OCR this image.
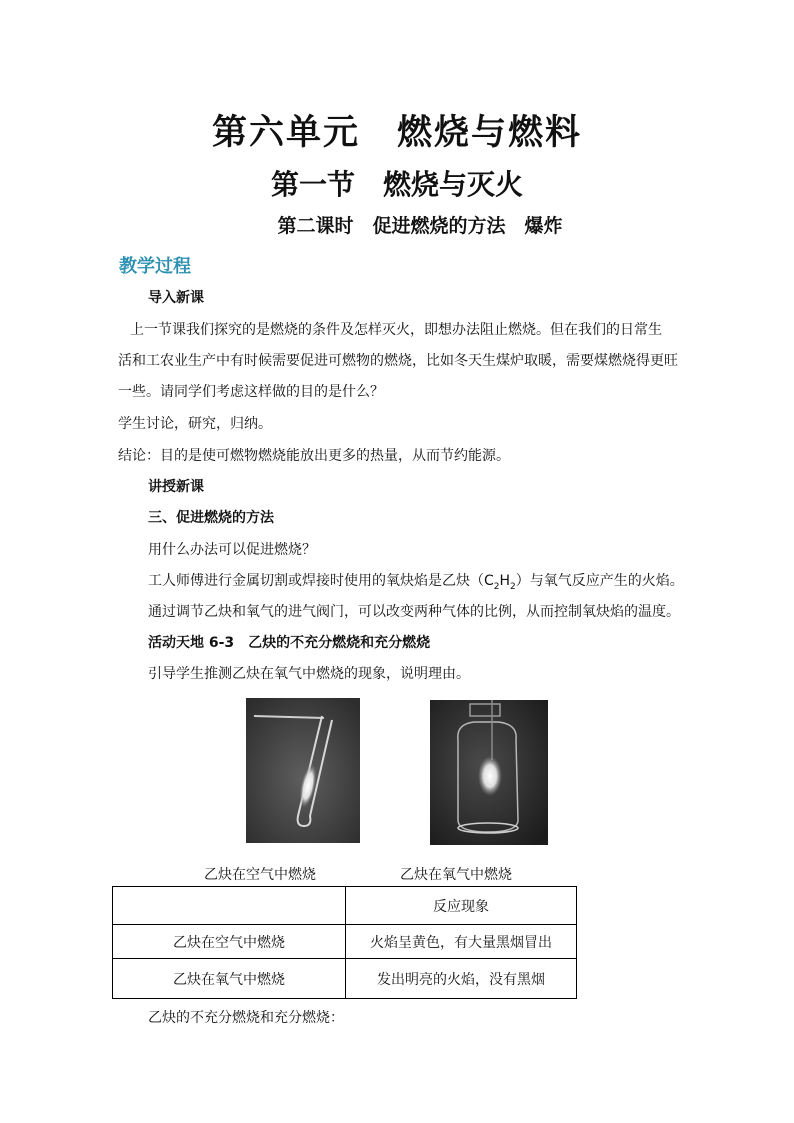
第六单元　燃烧与燃料
第一节　燃烧与灭火
第二课时　促进燃烧的方法　爆炸
教学过程
导入新课
上一节课我们探究的是燃烧的条件及怎样灭火，即想办法阻止燃烧。但在我们的日常生
活和工农业生产中有时候需要促进可燃物的燃烧，比如冬天生煤炉取暖，需要煤燃烧得更旺
一些。请同学们考虑这样做的目的是什么？
学生讨论，研究，归纳。
结论：目的是使可燃物燃烧能放出更多的热量，从而节约能源。
讲授新课
三、促进燃烧的方法
用什么办法可以促进燃烧？
工人师傅进行金属切割或焊接时使用的氧炔焰是乙炔$(C_2H_2)$与氧气反应产生的火焰。
通过调节乙炔和氧气的进气阀门，可以改变两种气体的比例，从而控制氧炔焰的温度。
活动天地 6-3　乙炔的不充分燃烧和充分燃烧
引导学生推测乙炔在氧气中燃烧的现象，说明理由。
乙炔在空气中燃烧	乙炔在氧气中燃烧
	反应现象
乙炔在空气中燃烧	火焰呈黄色，有大量黑烟冒出
乙炔在氧气中燃烧	发出明亮的火焰，没有黑烟
乙炔的不充分燃烧和充分燃烧：
